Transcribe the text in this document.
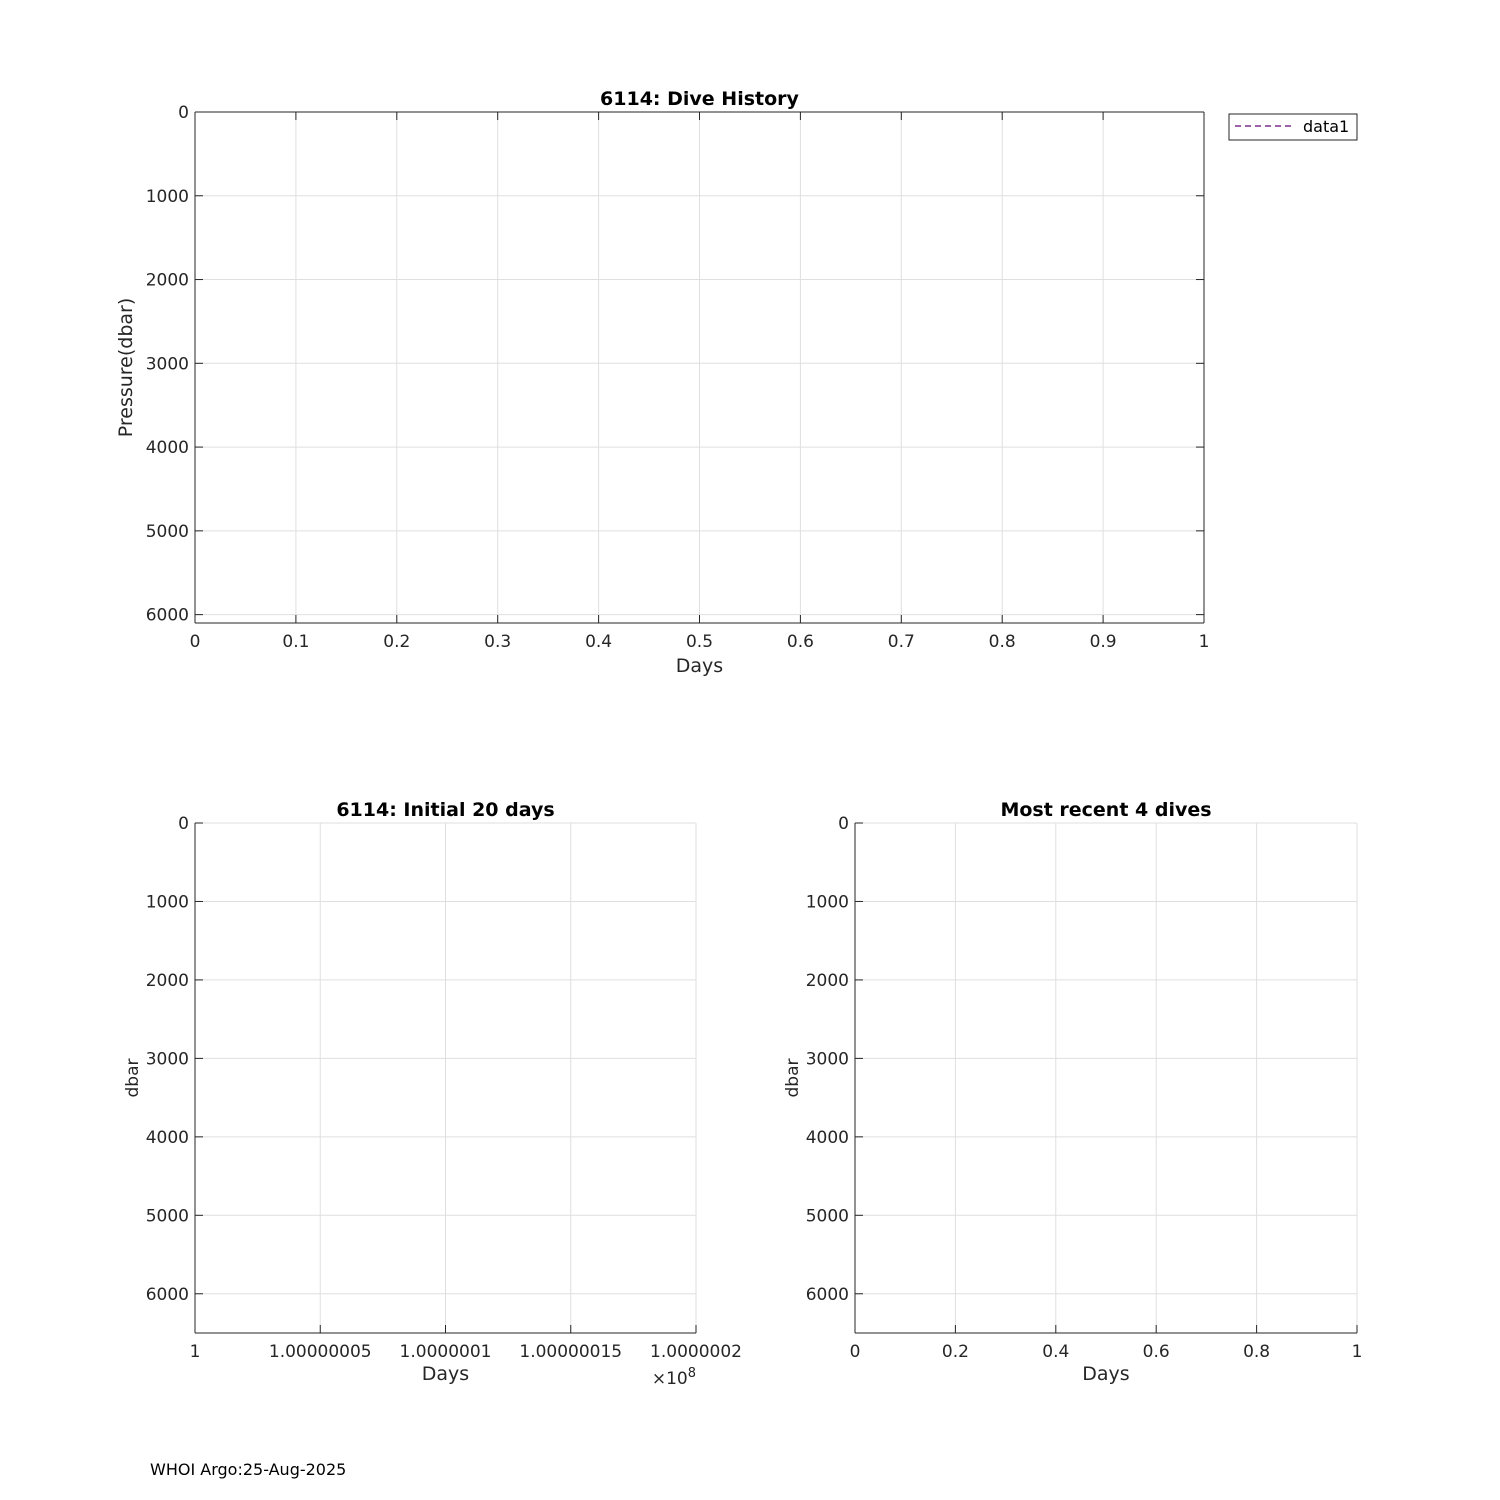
0	0.1	0.2	0.3	0.4	0.5	0.6	0.7	0.8	0.9	1
0
1000
2000
3000
4000
5000
6000
6114: Dive History
Days
Pressure(dbar)
data1
1	1.00000005 1.0000001 1.00000015 1.0000002
0
1000
2000
3000
4000
5000
6000
$\times 10^8$
6114: Initial 20 days
Days
dbar
0	0.2	0.4	0.6	0.8	1
0
1000
2000
3000
4000
5000
6000
Most recent 4 dives
Days
dbar
WHOI Argo:25-Aug-2025
